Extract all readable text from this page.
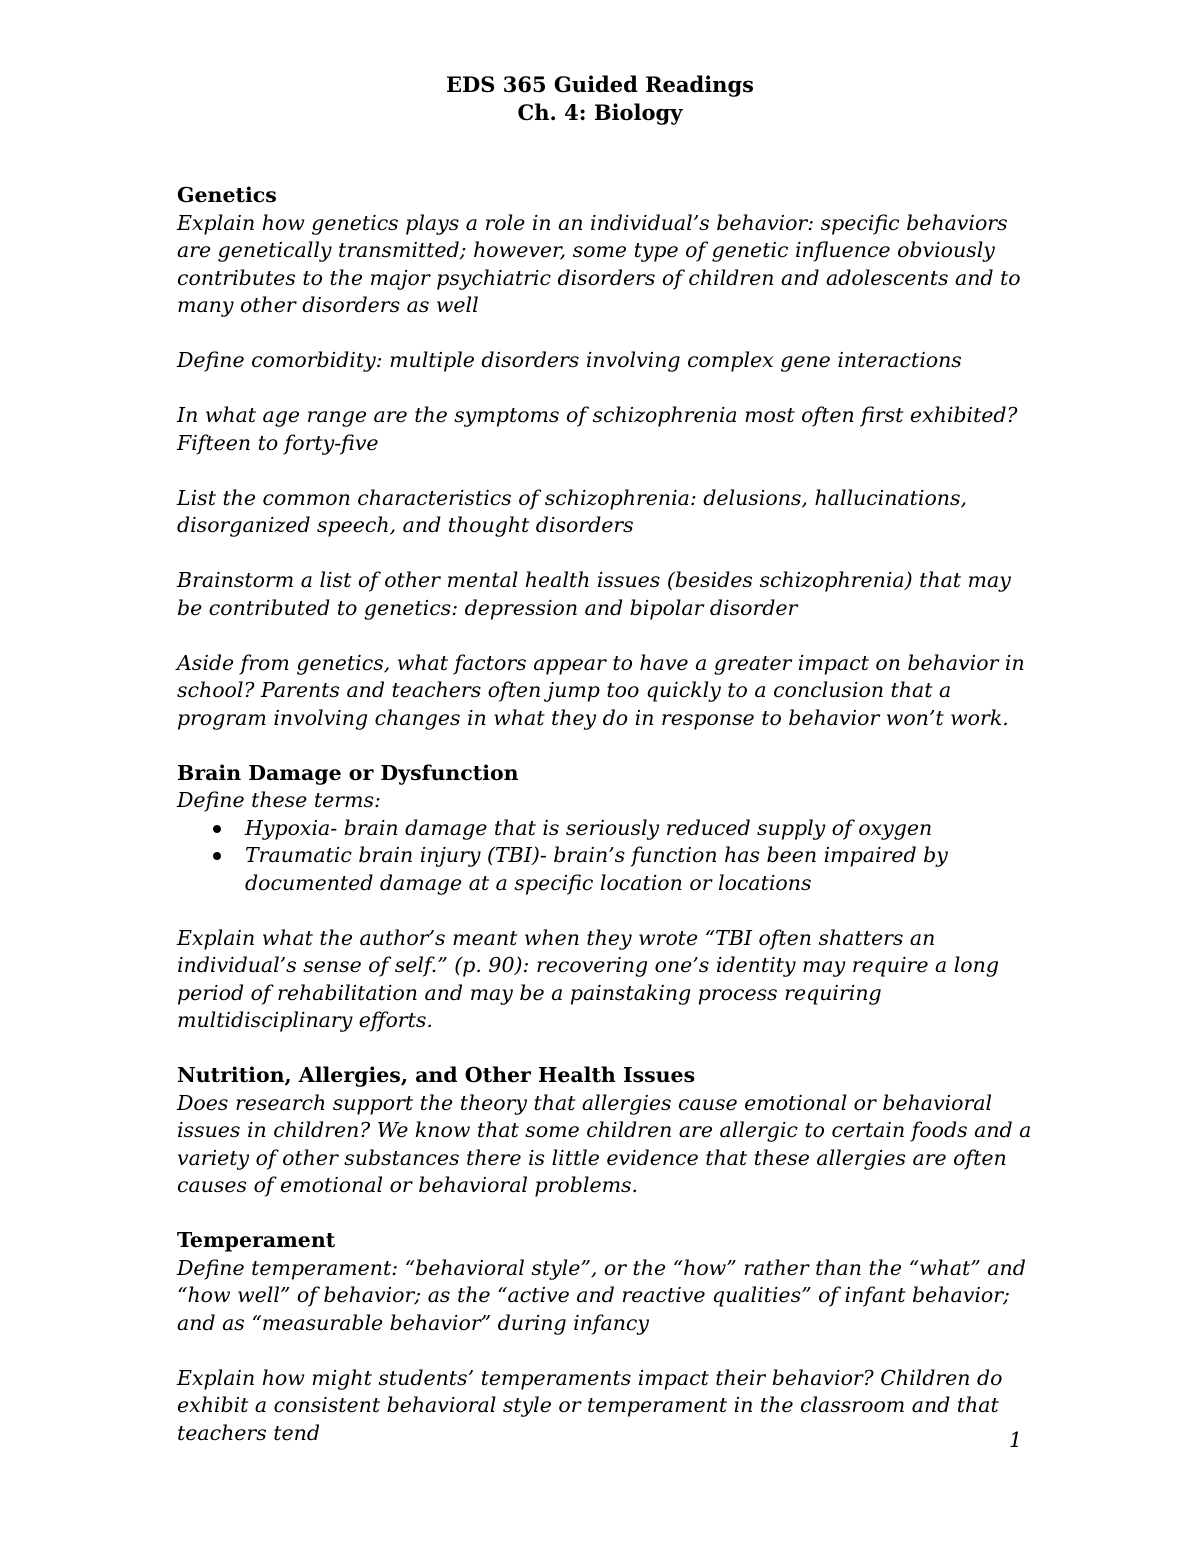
EDS 365 Guided Readings
Ch. 4: Biology
Genetics

Explain how genetics plays a role in an individual’s behavior: specific behaviors are genetically transmitted; however, some type of genetic influence obviously contributes to the major psychiatric disorders of children and adolescents and to many other disorders as well

Define comorbidity: multiple disorders involving complex gene interactions

In what age range are the symptoms of schizophrenia most often first exhibited? Fifteen to forty-five

List the common characteristics of schizophrenia: delusions, hallucinations, disorganized speech, and thought disorders

Brainstorm a list of other mental health issues (besides schizophrenia) that may be contributed to genetics: depression and bipolar disorder

Aside from genetics, what factors appear to have a greater impact on behavior in school? Parents and teachers often jump too quickly to a conclusion that a program involving changes in what they do in response to behavior won’t work.

Brain Damage or Dysfunction

Define these terms:

Hypoxia- brain damage that is seriously reduced supply of oxygen
Traumatic brain injury (TBI)- brain’s function has been impaired by documented damage at a specific location or locations

Explain what the author’s meant when they wrote “TBI often shatters an individual’s sense of self.” (p. 90): recovering one’s identity may require a long period of rehabilitation and may be a painstaking process requiring multidisciplinary efforts.

Nutrition, Allergies, and Other Health Issues

Does research support the theory that allergies cause emotional or behavioral issues in children? We know that some children are allergic to certain foods and a variety of other substances there is little evidence that these allergies are often causes of emotional or behavioral problems.

Temperament

Define temperament: “behavioral style”, or the “how” rather than the “what” and “how well” of behavior; as the “active and reactive qualities” of infant behavior; and as “measurable behavior” during infancy

Explain how might students’ temperaments impact their behavior? Children do exhibit a consistent behavioral style or temperament in the classroom and that teachers tend	1
